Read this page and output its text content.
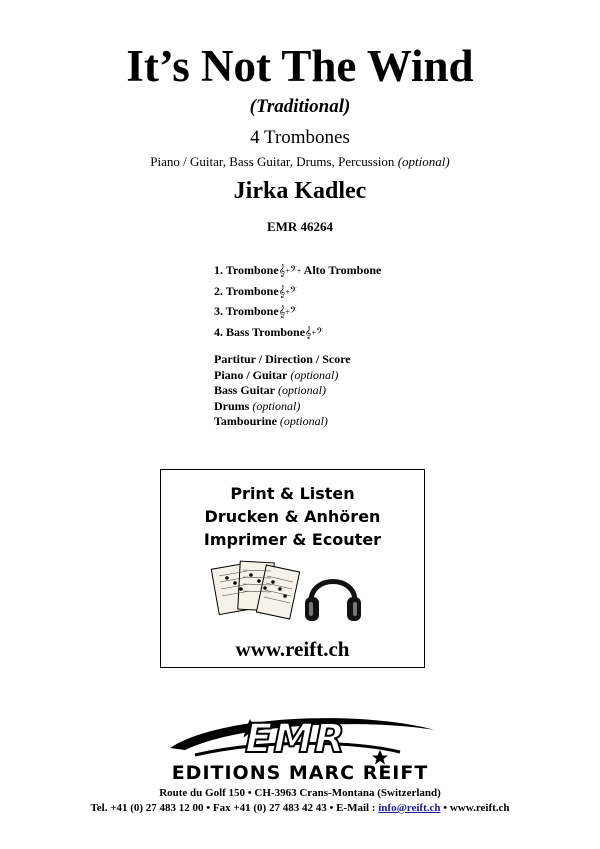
It’s Not The Wind
(Traditional)
4 Trombones
Piano / Guitar, Bass Guitar, Drums, Percussion (optional)
Jirka Kadlec
EMR 46264
1. Trombone𝄞+𝄢+ Alto Trombone
2. Trombone𝄞+𝄢
3. Trombone𝄞+𝄢
4. Bass Trombone𝄞+𝄢
Partitur / Direction / Score
Piano / Guitar (optional)
Bass Guitar (optional)
Drums (optional)
Tambourine (optional)
Print & Listen
Drucken & Anhören
Imprimer & Ecouter
www.reift.ch
EMR
EDITIONS MARC REIFT
Route du Golf 150 • CH-3963 Crans-Montana (Switzerland)
Tel. +41 (0) 27 483 12 00 • Fax +41 (0) 27 483 42 43 • E-Mail : info@reift.ch • www.reift.ch
